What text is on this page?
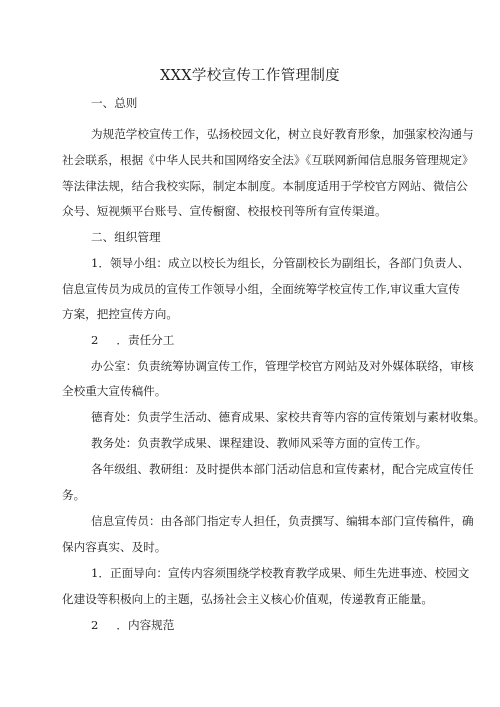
XXX学校宣传工作管理制度
一、总则
为规范学校宣传工作，弘扬校园文化，树立良好教育形象，加强家校沟通与
社会联系，根据《中华人民共和国网络安全法》《互联网新闻信息服务管理规定》
等法律法规，结合我校实际，制定本制度。本制度适用于学校官方网站、微信公
众号、短视频平台账号、宣传橱窗、校报校刊等所有宣传渠道。
二、组织管理
1．领导小组：成立以校长为组长，分管副校长为副组长，各部门负责人、
信息宣传员为成员的宣传工作领导小组，全面统筹学校宣传工作,审议重大宣传
方案，把控宣传方向。
2 ．责任分工
办公室：负责统筹协调宣传工作，管理学校官方网站及对外媒体联络，审核
全校重大宣传稿件。
德育处：负责学生活动、德育成果、家校共育等内容的宣传策划与素材收集。
教务处：负责教学成果、课程建设、教师风采等方面的宣传工作。
各年级组、教研组：及时提供本部门活动信息和宣传素材，配合完成宣传任
务。
信息宣传员：由各部门指定专人担任，负责撰写、编辑本部门宣传稿件，确
保内容真实、及时。
1．正面导向：宣传内容须围绕学校教育教学成果、师生先进事迹、校园文
化建设等积极向上的主题，弘扬社会主义核心价值观，传递教育正能量。
2 ．内容规范
